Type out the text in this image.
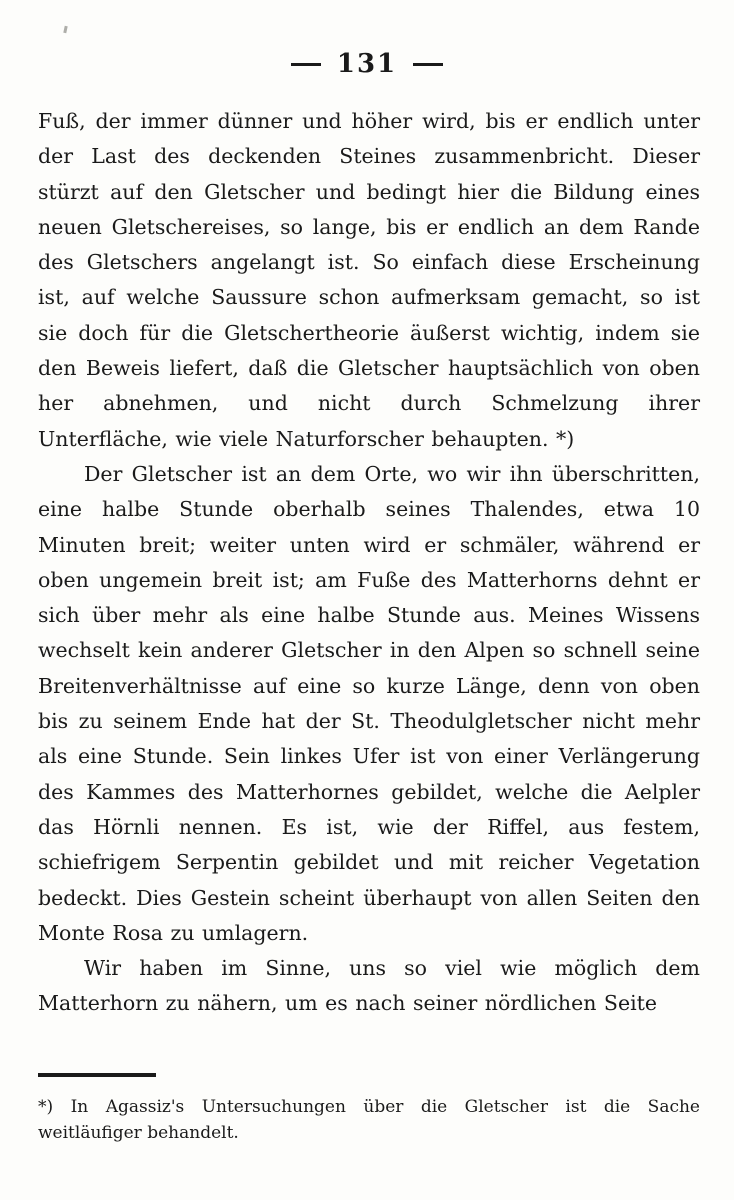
131

Fuß, der immer dünner und höher wird, bis er endlich unter der Last des deckenden Steines zusammenbricht. Dieser stürzt auf den Gletscher und bedingt hier die Bildung eines neuen Gletschereises, so lange, bis er endlich an dem Rande des Gletschers angelangt ist. So einfach diese Erscheinung ist, auf welche Saussure schon aufmerksam gemacht, so ist sie doch für die Gletschertheorie äußerst wichtig, indem sie den Beweis liefert, daß die Gletscher hauptsächlich von oben her abnehmen, und nicht durch Schmelzung ihrer Unterfläche, wie viele Naturforscher behaupten. *)

Der Gletscher ist an dem Orte, wo wir ihn überschritten, eine halbe Stunde oberhalb seines Thalendes, etwa 10 Minuten breit; weiter unten wird er schmäler, während er oben ungemein breit ist; am Fuße des Matterhorns dehnt er sich über mehr als eine halbe Stunde aus. Meines Wissens wechselt kein anderer Gletscher in den Alpen so schnell seine Breitenverhältnisse auf eine so kurze Länge, denn von oben bis zu seinem Ende hat der St. Theodulgletscher nicht mehr als eine Stunde. Sein linkes Ufer ist von einer Verlängerung des Kammes des Matterhornes gebildet, welche die Aelpler das Hörnli nennen. Es ist, wie der Riffel, aus festem, schiefrigem Serpentin gebildet und mit reicher Vegetation bedeckt. Dies Gestein scheint überhaupt von allen Seiten den Monte Rosa zu umlagern.

Wir haben im Sinne, uns so viel wie möglich dem Matterhorn zu nähern, um es nach seiner nördlichen Seite

*) In Agassiz's Untersuchungen über die Gletscher ist die Sache weitläufiger behandelt.
